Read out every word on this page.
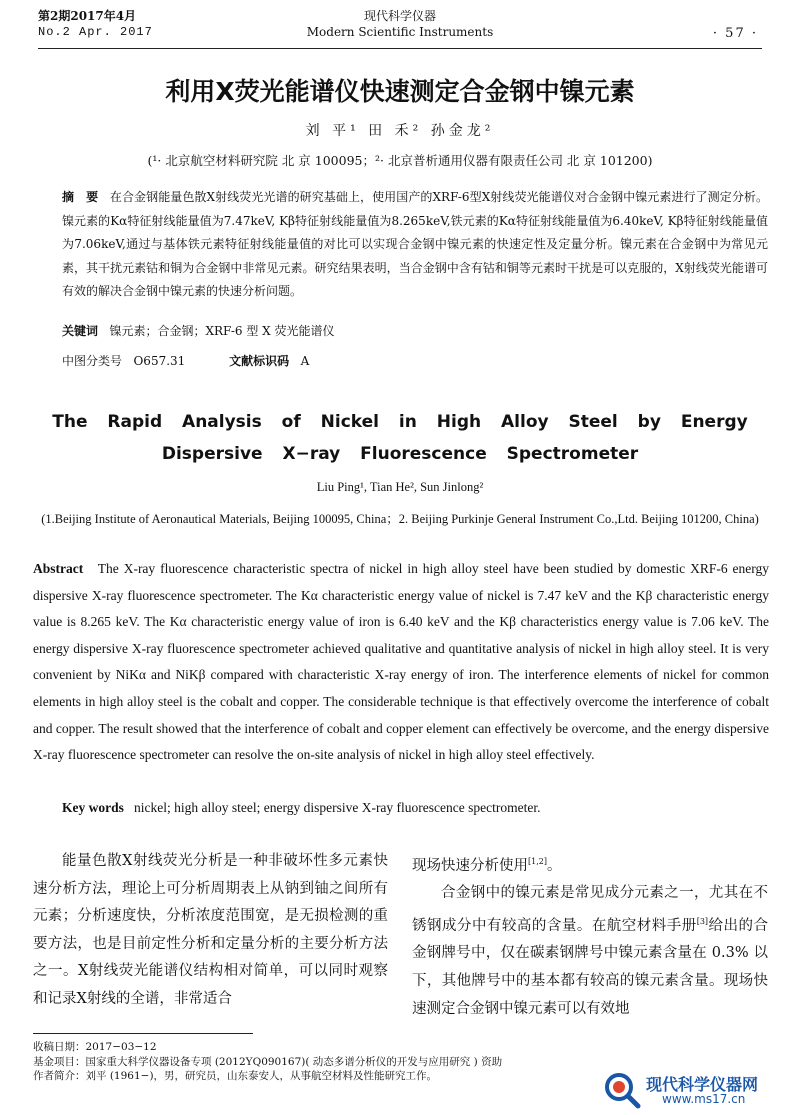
第2期2017年4月
No.2 Apr. 2017
现代科学仪器
Modern Scientific Instruments	· 57 ·
利用X荧光能谱仪快速测定合金钢中镍元素
刘 平¹ 田 禾² 孙金龙²
(¹· 北京航空材料研究院 北 京 100095；²· 北京普析通用仪器有限责任公司 北 京 101200)
摘　要 在合金钢能量色散X射线荧光光谱的研究基础上，使用国产的XRF-6型X射线荧光能谱仪对合金钢中镍元素进行了测定分析。镍元素的Kα特征射线能量值为7.47keV, Kβ特征射线能量值为8.265keV,铁元素的Kα特征射线能量值为6.40keV, Kβ特征射线能量值为7.06keV,通过与基体铁元素特征射线能量值的对比可以实现合金钢中镍元素的快速定性及定量分析。镍元素在合金钢中为常见元素，其干扰元素钴和铜为合金钢中非常见元素。研究结果表明，当合金钢中含有钴和铜等元素时干扰是可以克服的，X射线荧光能谱可有效的解决合金钢中镍元素的快速分析问题。
关键词 镍元素；合金钢；XRF-6 型 X 荧光能谱仪
中图分类号 O657.31	文献标识码 A
The Rapid Analysis of Nickel in High Alloy Steel by Energy Dispersive X−ray Fluorescence Spectrometer
Liu Ping¹, Tian He², Sun Jinlong²
(1.Beijing Institute of Aeronautical Materials, Beijing 100095, China；2. Beijing Purkinje General Instrument Co.,Ltd. Beijing 101200, China)
Abstract The X-ray fluorescence characteristic spectra of nickel in high alloy steel have been studied by domestic XRF-6 energy dispersive X-ray fluorescence spectrometer. The Kα characteristic energy value of nickel is 7.47 keV and the Kβ characteristic energy value is 8.265 keV. The Kα characteristic energy value of iron is 6.40 keV and the Kβ characteristics energy value is 7.06 keV. The energy dispersive X-ray fluorescence spectrometer achieved qualitative and quantitative analysis of nickel in high alloy steel. It is very convenient by NiKα and NiKβ compared with characteristic X-ray energy of iron. The interference elements of nickel for common elements in high alloy steel is the cobalt and copper. The considerable technique is that effectively overcome the interference of cobalt and copper. The result showed that the interference of cobalt and copper element can effectively be overcome, and the energy dispersive X-ray fluorescence spectrometer can resolve the on-site analysis of nickel in high alloy steel effectively.
Key words nickel; high alloy steel; energy dispersive X-ray fluorescence spectrometer.
能量色散X射线荧光分析是一种非破坏性多元素快速分析方法，理论上可分析周期表上从钠到铀之间所有元素；分析速度快，分析浓度范围宽，是无损检测的重要方法，也是目前定性分析和定量分析的主要分析方法之一。X射线荧光能谱仪结构相对简单，可以同时观察和记录X射线的全谱，非常适合
现场快速分析使用[1,2]。
合金钢中的镍元素是常见成分元素之一，尤其在不锈钢成分中有较高的含量。在航空材料手册[3]给出的合金钢牌号中，仅在碳素钢牌号中镍元素含量在 0.3% 以下，其他牌号中的基本都有较高的镍元素含量。现场快速测定合金钢中镍元素可以有效地
收稿日期：2017−03−12
基金项目：国家重大科学仪器设备专项 (2012YQ090167)( 动态多谱分析仪的开发与应用研究 ) 资助
作者简介：刘平 (1961−)，男，研究员，山东泰安人，从事航空材料及性能研究工作。	现代科学仪器网
www.ms17.cn
